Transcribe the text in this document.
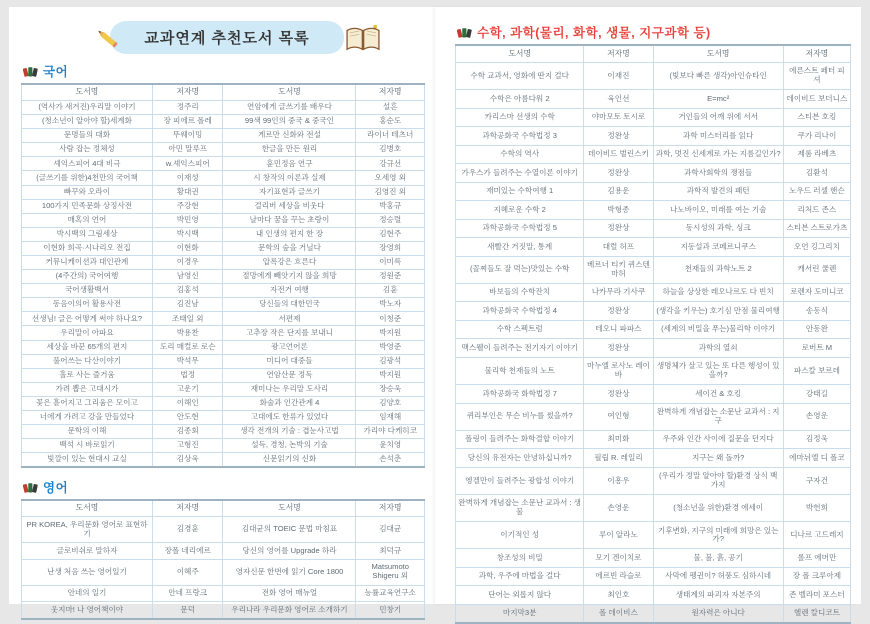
교과연계 추천도서 목록
국어
도서명	저자명	도서명	저자명
(역사가 새겨진)우리말 이야기	정주리	연암에게 글쓰기를 배우다	설흔
(청소년이 알아야 할)세계화	장 피에르 폴레	99색 99인의 중국 & 중국인	홍순도
문명들의 대화	뚜웨이밍	게르만 신화와 전설	라이너 테츠너
사람 잡는 정체성	아민 말루프	한글을 만든 원리	김병호
셰익스피어 4대 비극	w.셰익스피어	훈민정음 연구	강규선
(글쓰기를 위한)4천만의 국어책	이재성	시 창작의 이론과 실제	오세영 외
빠꾸와 오라이	황대권	자기표현과 글쓰기	김영진 외
100가지 민족문화 상징사전	주강현	걸리버 세상을 비웃다	박홍규
매혹의 언어	박민영	날마다 꿈을 꾸는 초랑이	정승렬
박시백의 그림세상	박시백	내 인생의 편지 한 장	김현주
이현화 희곡·시나리오 전집	이현화	문학의 숲을 거닐다	장영희
커뮤니케이션과 대인관계	이경우	압록강은 흐른다	이미륵
(4주간의) 국어여행	남영신	절망에게 빼앗기지 않을 희망	정원준
국어생활백서	김홍석	자전거 여행	김훈
동음이의어 활용사전	김진남	당신들의 대한민국	박노자
선생님! 글은 어떻게 써야 하나요?	조태일 외	서편제	이청준
우리말이 아파요	박용찬	고추장 작은 단지를 보내니	박지원
세상을 바꾼 65개의 편지	도리 매컬로 로슨	광고언어론	박영준
풀어쓰는 다산이야기	박석무	미디어 대중들	김광석
홀로 사는 즐거움	법정	연암산문 정독	박지원
가려 뽑은 고대시가	고운기	재미나는 우리말 도사리	장승욱
꽃은 흩어지고 그리움은 모이고	이해인	화술과 인간관계 4	김양호
너에게 가려고 강을 만들었다	안도현	고대에도 한류가 있었다	임재해
문학의 이해	김종회	생각 전개의 기술 : 겹눈사고법	가리야 다케히코
백석 시 바로읽기	고형진	설득, 경청, 논박의 기술	윤치영
빛깔이 있는 현대시 교실	김상욱	신문읽기의 신화	손석춘
영어
도서명	저자명	도서명	저자명
PR KOREA, 우리문화 영어로 표현하기	김경훈	김대균의 TOEIC 문법 마침표	김대균
글로비쉬로 말하자	장폴 네리에르	당신의 영어를 Upgrade 하라	최덕규
난생 처음 쓰는 영어일기	이혜주	영자신문 한번에 읽기 Core 1800	Matsumoto Shigeru 외
안네의 일기	안네 프랑크	전화 영어 매뉴얼	능률교육연구소
웃지마! 나 영어책이야	문덕	우리나라 우리문화 영어로 소개하기	민창기
수학, 과학(물리, 화학, 생물, 지구과학 등)
도서명	저자명	도서명	저자명
수학 교과서, 영화에 딴지 걸다	이재진	(빛보다 빠른 생각)아인슈타인	에른스트 페터 피셔
수학은 아름다워 2	육인선	E=mc²	데이비드 보더니스
카리스마 선생의 수학	야마모토 토시로	거인들의 어깨 위에 서서	스티븐 호킹
과학공화국 수학법정 3	정완상	과학 미스터리를 읽다	쿠가 리나이
수학의 역사	데이비드 벌린스키	과학, 멋진 신세계로 가는 지름길인가?	제롬 라베츠
가우스가 들려주는 수열이론 이야기	정완상	과학사회학의 쟁점들	김환석
재미있는 수학여행 1	김용운	과학적 발견의 패턴	노우드 러셀 핸슨
지혜로운 수학 2	박형종	나노바이오, 미래를 여는 기술	리처드 존스
과학공화국 수학법정 5	정완상	동시성의 과학, 싱크	스티븐 스트로가츠
새빨간 거짓말, 통계	대럴 허프	지동설과 코페르니쿠스	오언 깅그리치
(꼴찌들도 잘 먹는)맛있는 수학	베르너 티키 퀴스텐마허	천재들의 과학노트 2	캐서린 쿨렌
바보들의 수학잔치	나카무라 기사쿠	하늘을 상상한 레오나르도 다 빈치	로렌자 도미니코
과학공화국 수학법정 4	정완상	(생각을 키우는) 호기심 만점 물리여행	송동식
수학 스펙트럼	테오니 파파스	(세계의 비밀을 푸는)물리학 이야기	안동완
맥스웰이 들려주는 전기자기 이야기	정완상	과학의 열쇠	로버트 M
물리학 천재들의 노트	마누엘 로사노 레이바	생명체가 살고 있는 또 다른 행성이 있을까?	파스칼 보르데
과학공화국 화학법정 7	정완상	세이건 & 호킹	강태길
퀴리부인은 무슨 비누를 썼을까?	여인형	완벽하게 개념잡는 소문난 교과서 : 지구	손영운
폴링이 들려주는 화학결합 이야기	최미화	우주와 인간 사이에 질문을 던지다	김정욱
당신의 유전자는 안녕하십니까?	필립 R. 레일리	지구는 왜 돌까?	에마뉘엘 디 폴코
엥겔만이 들려주는 광합성 이야기	이흥우	(우리가 정말 알아야 할)환경 상식 백가지	구자건
완벽하게 개념잡는 소문난 교과서 : 생물	손영운	(청소년을 위한)환경 에세이	박헌희
이기적인 성	루이 알라노	기후변화, 지구의 미래에 희망은 있는가?	디나르 고드레지
창조성의 비밀	모기 겐이치로	물, 불, 흙, 공기	롤프 에머만
과학, 우주에 마법을 걸다	에르빈 라슬로	사막에 펭귄이? 허풍도 심하시네	장 폴 크루아제
단어는 외롭지 않다	최인호	생태계의 파괴자 자본주의	존 벨라미 포스터
마지막3분	폴 데이비스	원자력은 아니다	헬렌 칼디코트
